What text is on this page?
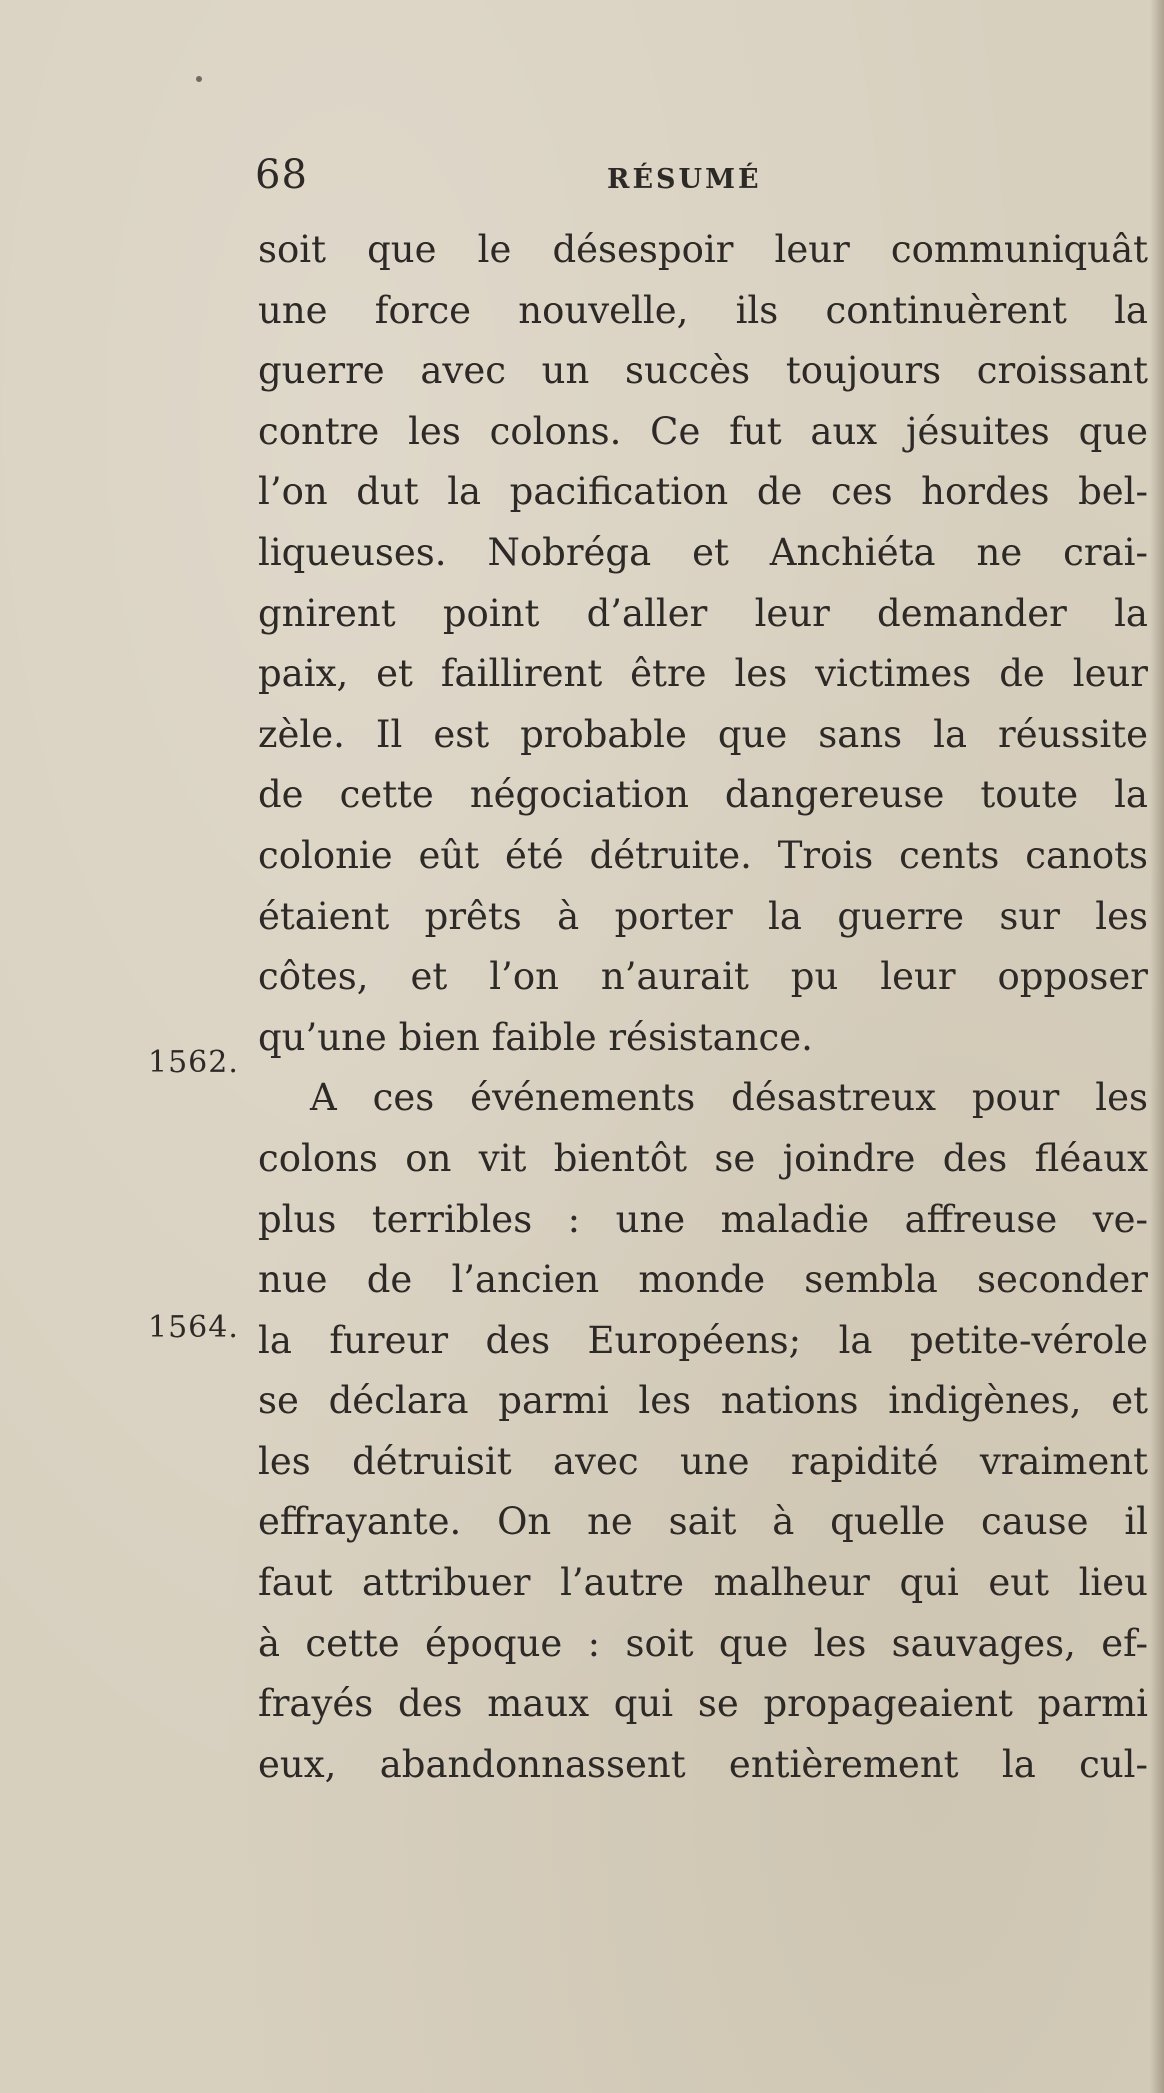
68	RÉSUMÉ
1562.
1564.
soit que le désespoir leur communiquât
une force nouvelle, ils continuèrent la
guerre avec un succès toujours croissant
contre les colons. Ce fut aux jésuites que
l’on dut la pacification de ces hordes bel-
liqueuses. Nobréga et Anchiéta ne crai-
gnirent point d’aller leur demander la
paix, et faillirent être les victimes de leur
zèle. Il est probable que sans la réussite
de cette négociation dangereuse toute la
colonie eût été détruite. Trois cents canots
étaient prêts à porter la guerre sur les
côtes, et l’on n’aurait pu leur opposer
qu’une bien faible résistance.
A ces événements désastreux pour les
colons on vit bientôt se joindre des fléaux
plus terribles : une maladie affreuse ve-
nue de l’ancien monde sembla seconder
la fureur des Européens; la petite-vérole
se déclara parmi les nations indigènes, et
les détruisit avec une rapidité vraiment
effrayante. On ne sait à quelle cause il
faut attribuer l’autre malheur qui eut lieu
à cette époque : soit que les sauvages, ef-
frayés des maux qui se propageaient parmi
eux, abandonnassent entièrement la cul-
